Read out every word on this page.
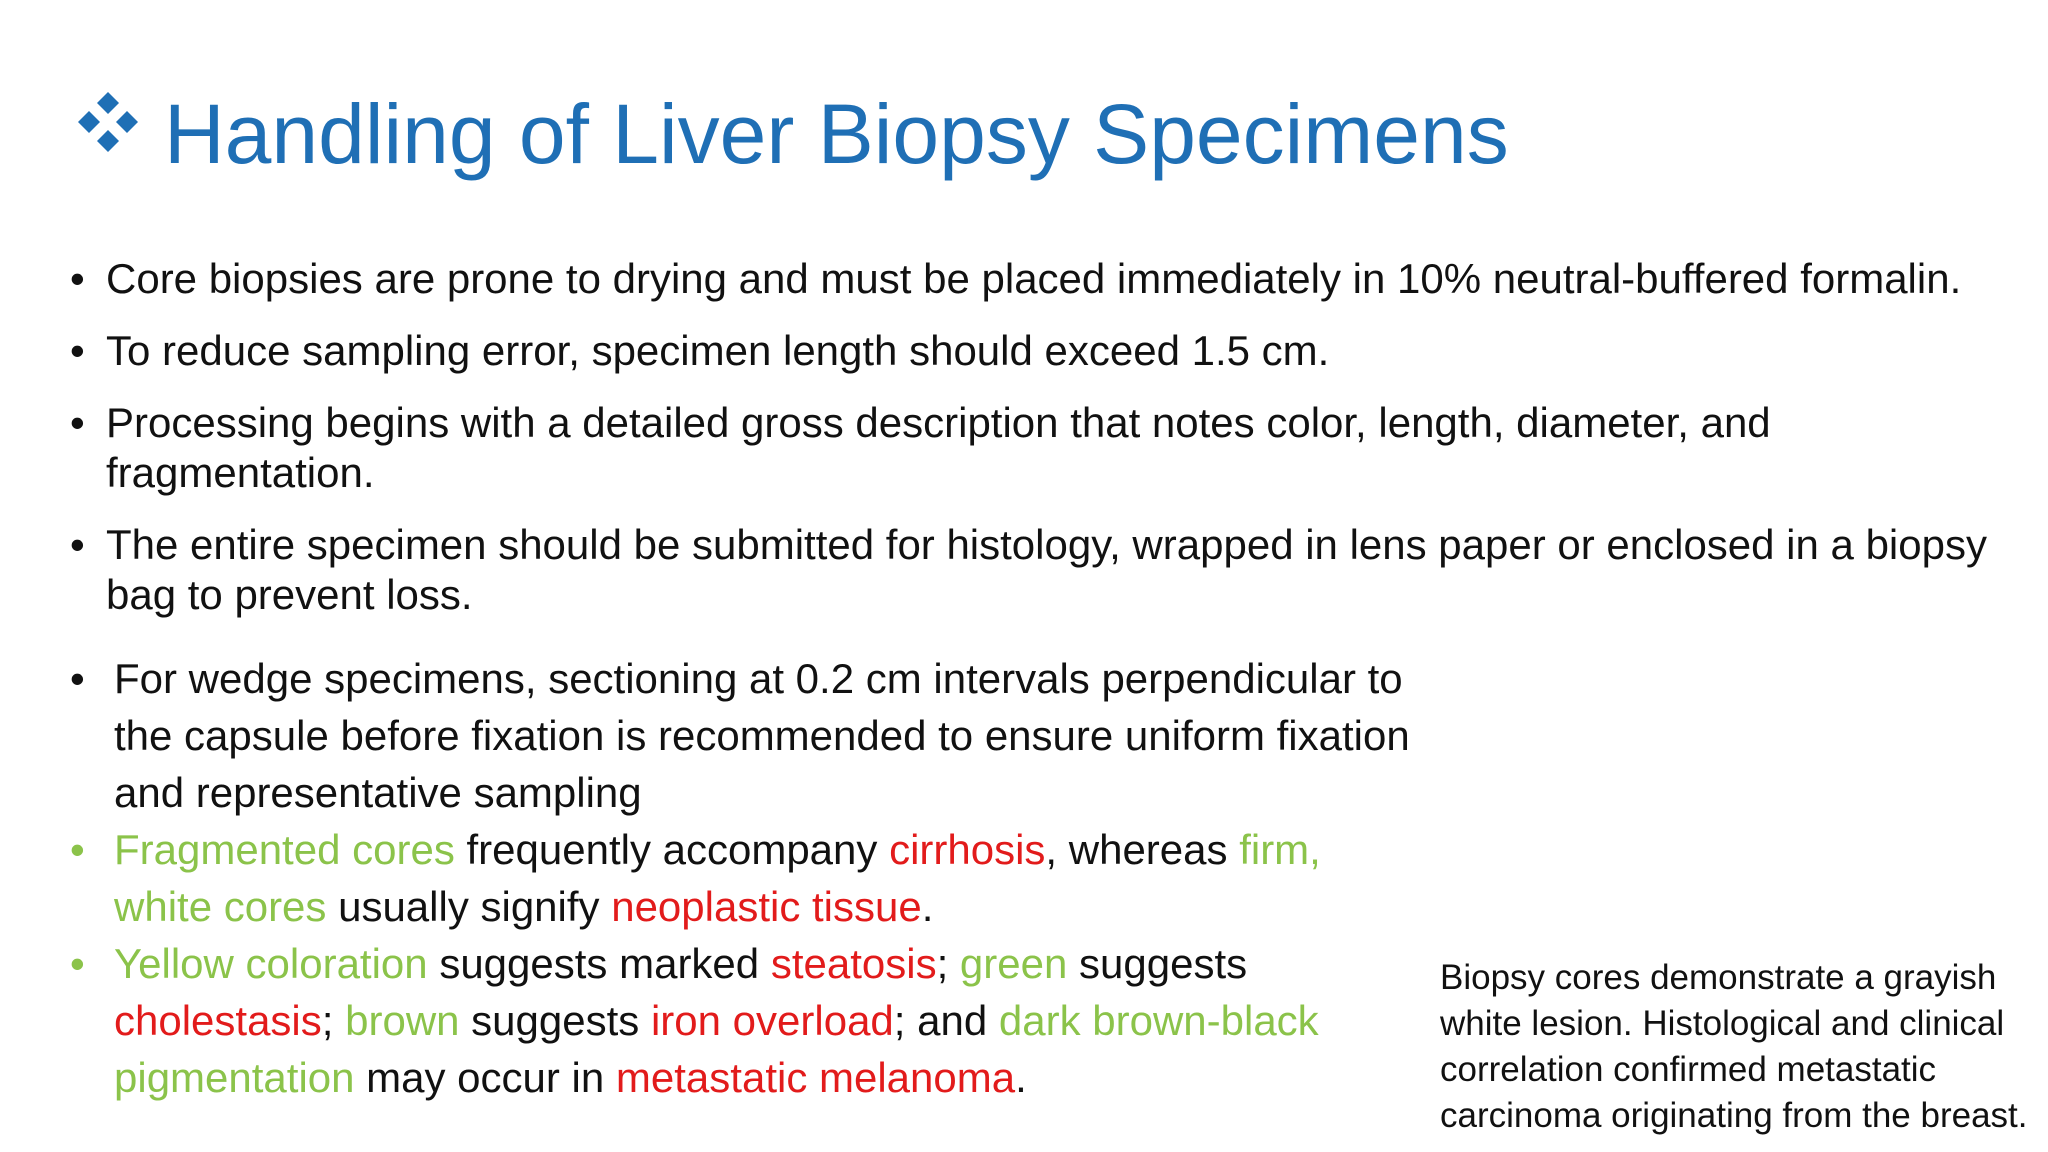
Handling of Liver Biopsy Specimens
• Core biopsies are prone to drying and must be placed immediately in 10% neutral-buffered formalin.
• To reduce sampling error, specimen length should exceed 1.5 cm.
• Processing begins with a detailed gross description that notes color, length, diameter, and fragmentation.
• The entire specimen should be submitted for histology, wrapped in lens paper or enclosed in a biopsy bag to prevent loss.
• For wedge specimens, sectioning at 0.2 cm intervals perpendicular to the capsule before fixation is recommended to ensure uniform fixation and representative sampling
• Fragmented cores frequently accompany cirrhosis, whereas firm, white cores usually signify neoplastic tissue.
• Yellow coloration suggests marked steatosis; green suggests cholestasis; brown suggests iron overload; and dark brown-black pigmentation may occur in metastatic melanoma.
Biopsy cores demonstrate a grayish white lesion. Histological and clinical correlation confirmed metastatic carcinoma originating from the breast.
